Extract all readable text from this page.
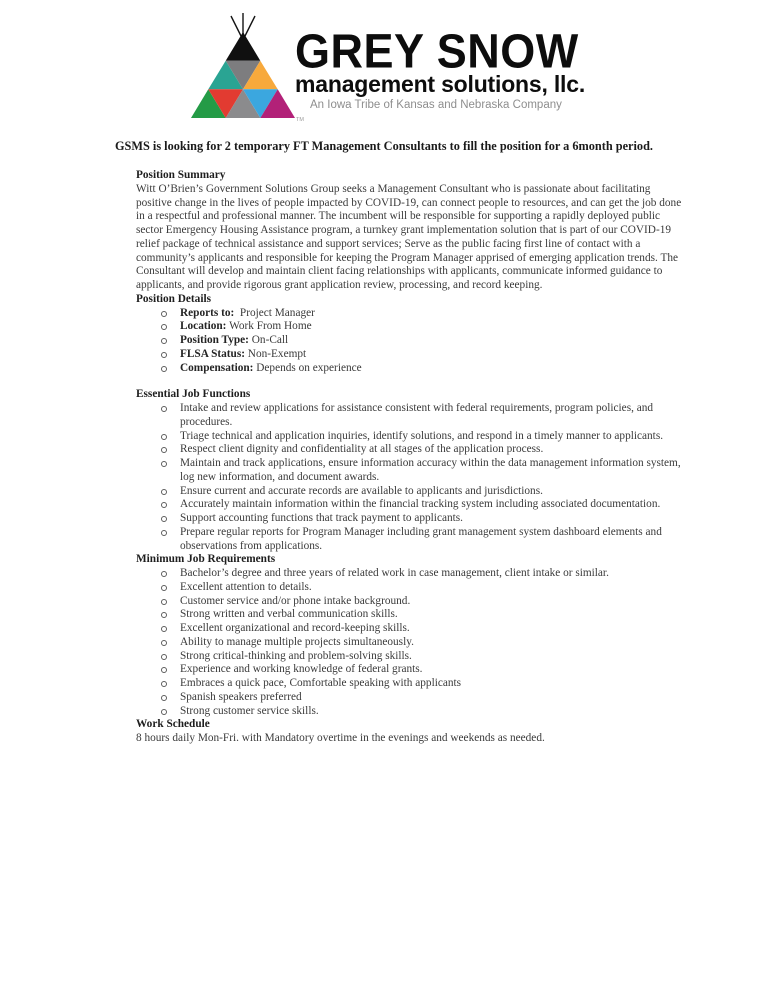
TM
GREY SNOW
management solutions, llc.
An Iowa Tribe of Kansas and Nebraska Company

GSMS is looking for 2 temporary FT Management Consultants to fill the position for a 6month period.

Position Summary

Witt O’Brien’s Government Solutions Group seeks a Management Consultant who is passionate about facilitating positive change in the lives of people impacted by COVID-19, can connect people to resources, and can get the job done in a respectful and professional manner. The incumbent will be responsible for supporting a rapidly deployed public sector Emergency Housing Assistance program, a turnkey grant implementation solution that is part of our COVID-19 relief package of technical assistance and support services; Serve as the public facing first line of contact with a community’s applicants and responsible for keeping the Program Manager apprised of emerging application trends. The Consultant will develop and maintain client facing relationships with applicants, communicate informed guidance to applicants, and provide rigorous grant application review, processing, and record keeping.

Position Details
Reports to:  Project Manager
Location: Work From Home
Position Type: On-Call
FLSA Status: Non-Exempt
Compensation: Depends on experience
Essential Job Functions
Intake and review applications for assistance consistent with federal requirements, program policies, and procedures.
Triage technical and application inquiries, identify solutions, and respond in a timely manner to applicants.
Respect client dignity and confidentiality at all stages of the application process.
Maintain and track applications, ensure information accuracy within the data management information system, log new information, and document awards.
Ensure current and accurate records are available to applicants and jurisdictions.
Accurately maintain information within the financial tracking system including associated documentation.
Support accounting functions that track payment to applicants.
Prepare regular reports for Program Manager including grant management system dashboard elements and observations from applications.
Minimum Job Requirements
Bachelor’s degree and three years of related work in case management, client intake or similar.
Excellent attention to details.
Customer service and/or phone intake background.
Strong written and verbal communication skills.
Excellent organizational and record-keeping skills.
Ability to manage multiple projects simultaneously.
Strong critical-thinking and problem-solving skills.
Experience and working knowledge of federal grants.
Embraces a quick pace, Comfortable speaking with applicants
Spanish speakers preferred
Strong customer service skills.
Work Schedule

8 hours daily Mon-Fri. with Mandatory overtime in the evenings and weekends as needed.
